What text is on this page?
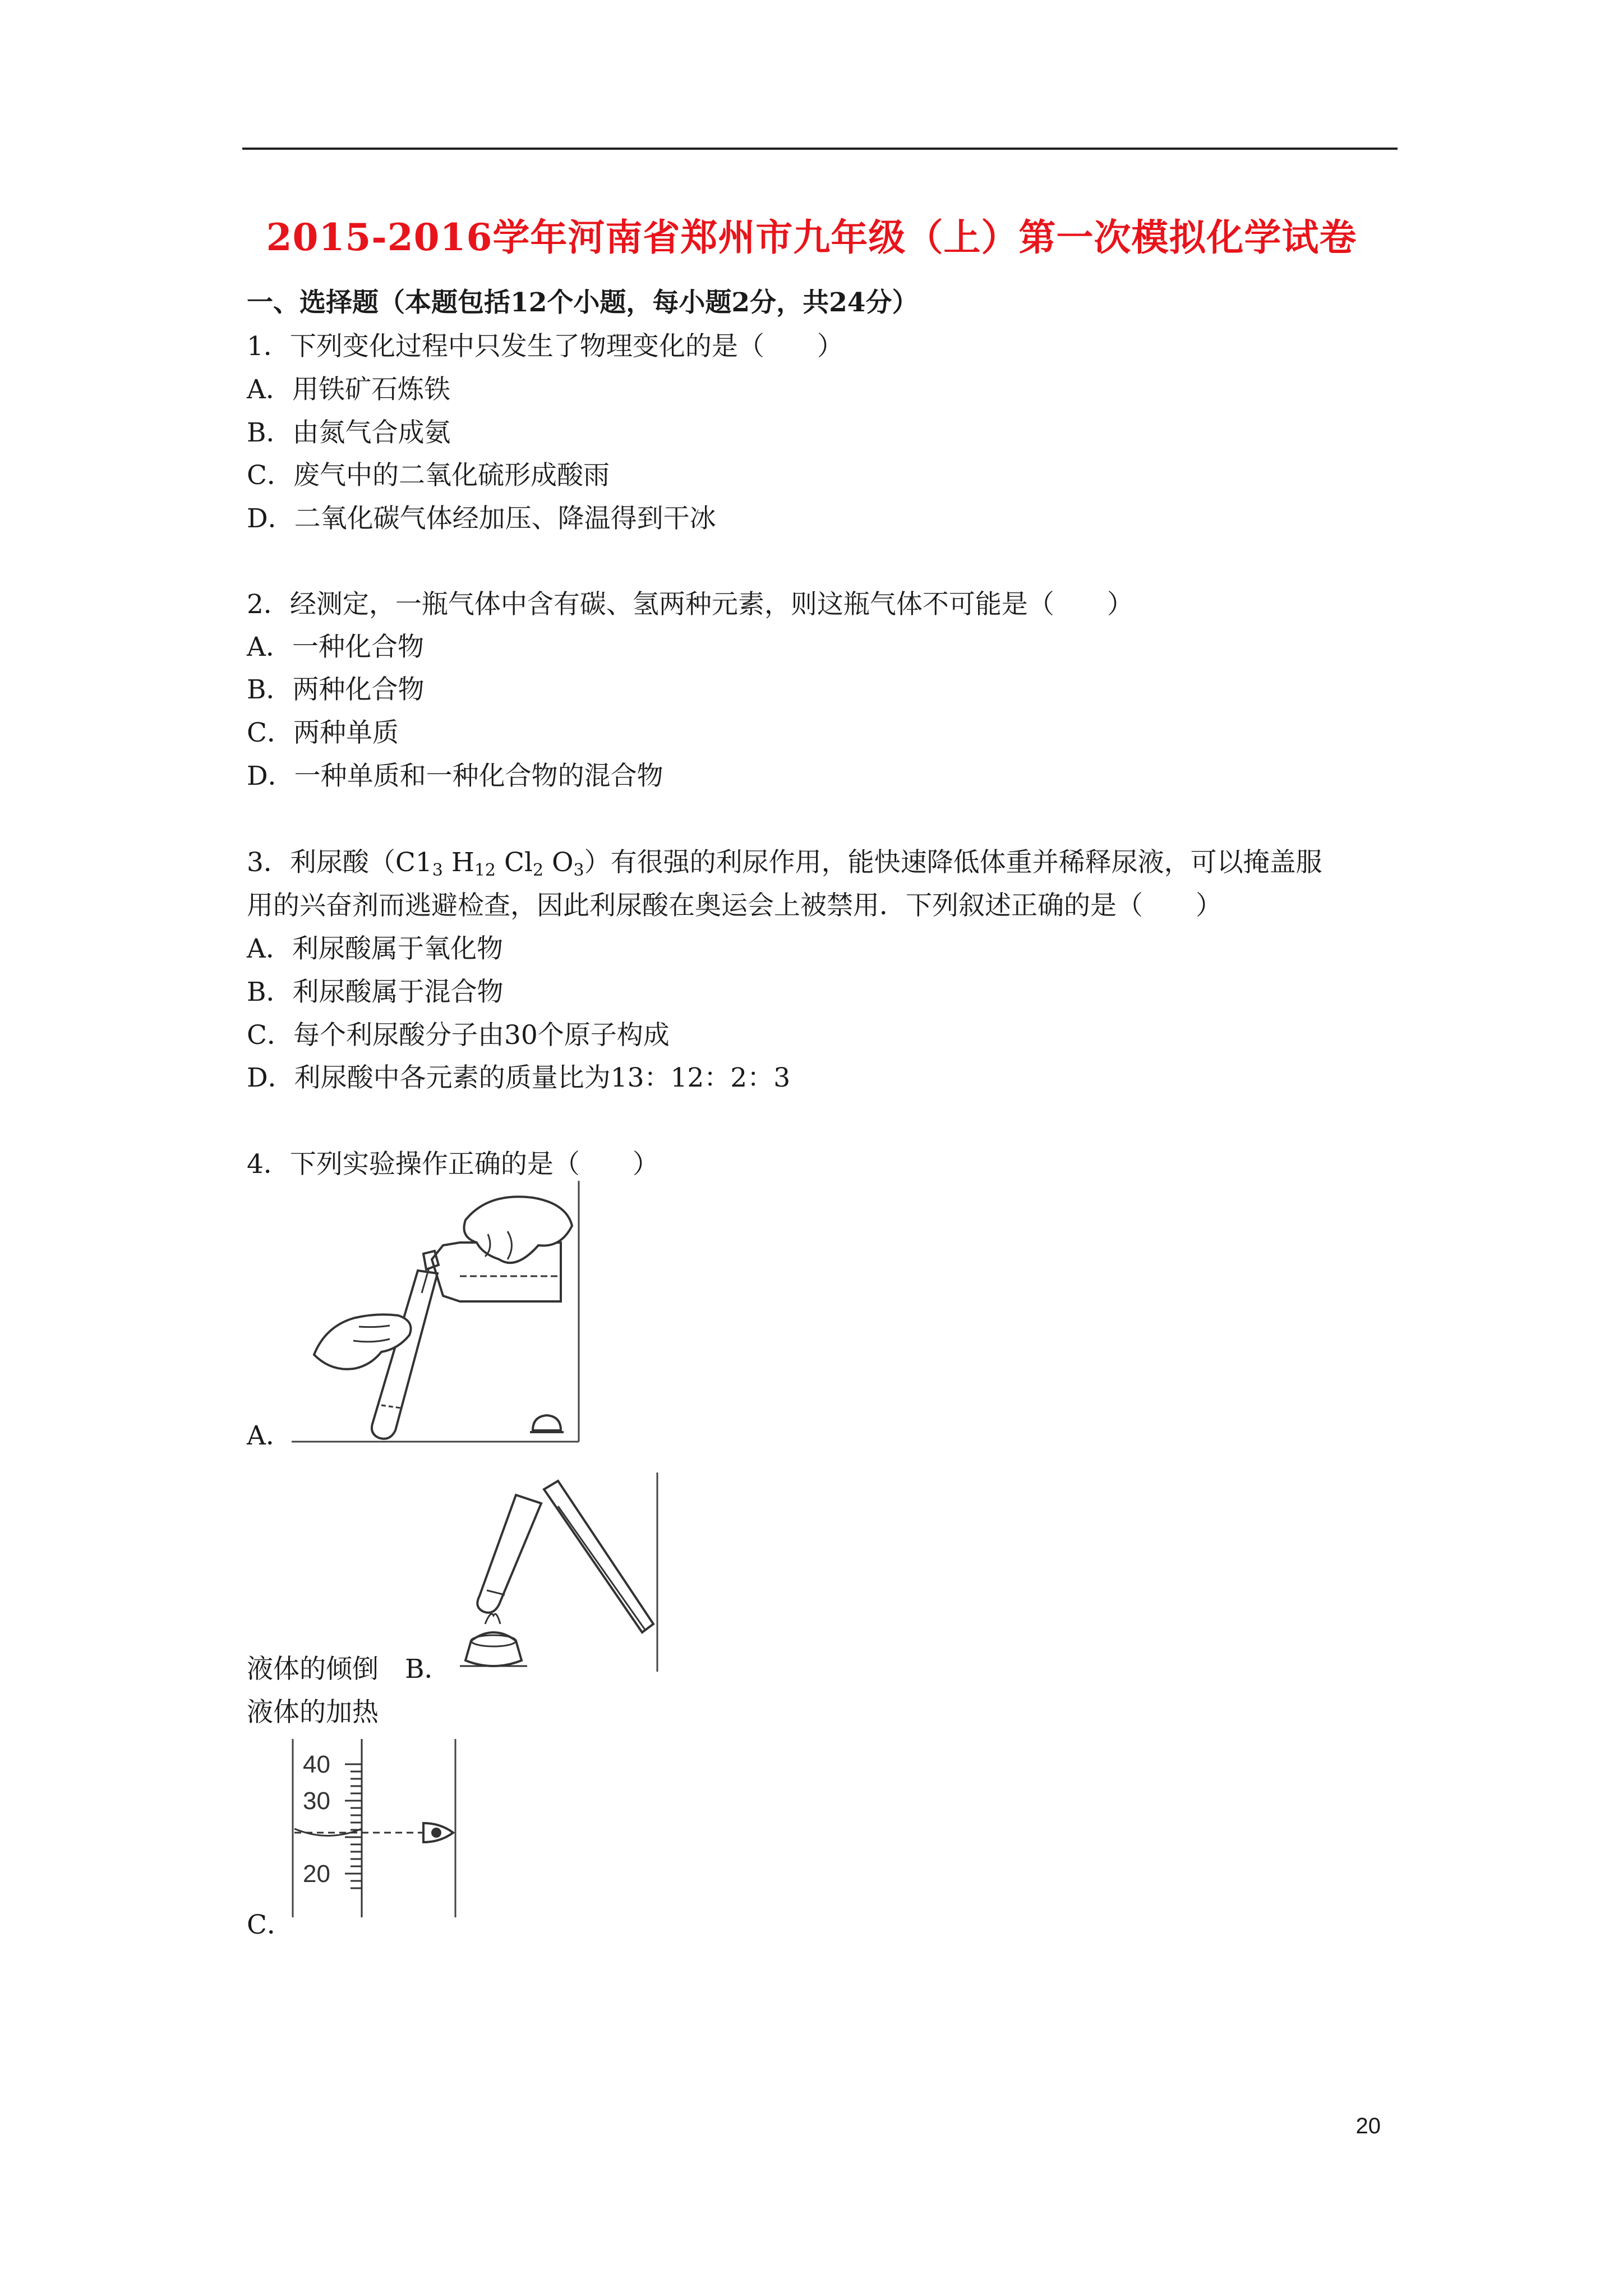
2015-2016学年河南省郑州市九年级（上）第一次模拟化学试卷
一、选择题（本题包括12个小题，每小题2分，共24分）
1．下列变化过程中只发生了物理变化的是（　　）
A．用铁矿石炼铁
B．由氮气合成氨
C．废气中的二氧化硫形成酸雨
D．二氧化碳气体经加压、降温得到干冰
2．经测定，一瓶气体中含有碳、氢两种元素，则这瓶气体不可能是（　　）
A．一种化合物
B．两种化合物
C．两种单质
D．一种单质和一种化合物的混合物
3．利尿酸（$C1_3$ $H_{12}$ $Cl_2$ $O_3$）有很强的利尿作用，能快速降低体重并稀释尿液，可以掩盖服
用的兴奋剂而逃避检查，因此利尿酸在奥运会上被禁用．下列叙述正确的是（　　）
A．利尿酸属于氧化物
B．利尿酸属于混合物
C．每个利尿酸分子由30个原子构成
D．利尿酸中各元素的质量比为13：12：2：3
4．下列实验操作正确的是（　　）
A．
液体的倾倒　 B．
液体的加热
40
30
20
C．
20
